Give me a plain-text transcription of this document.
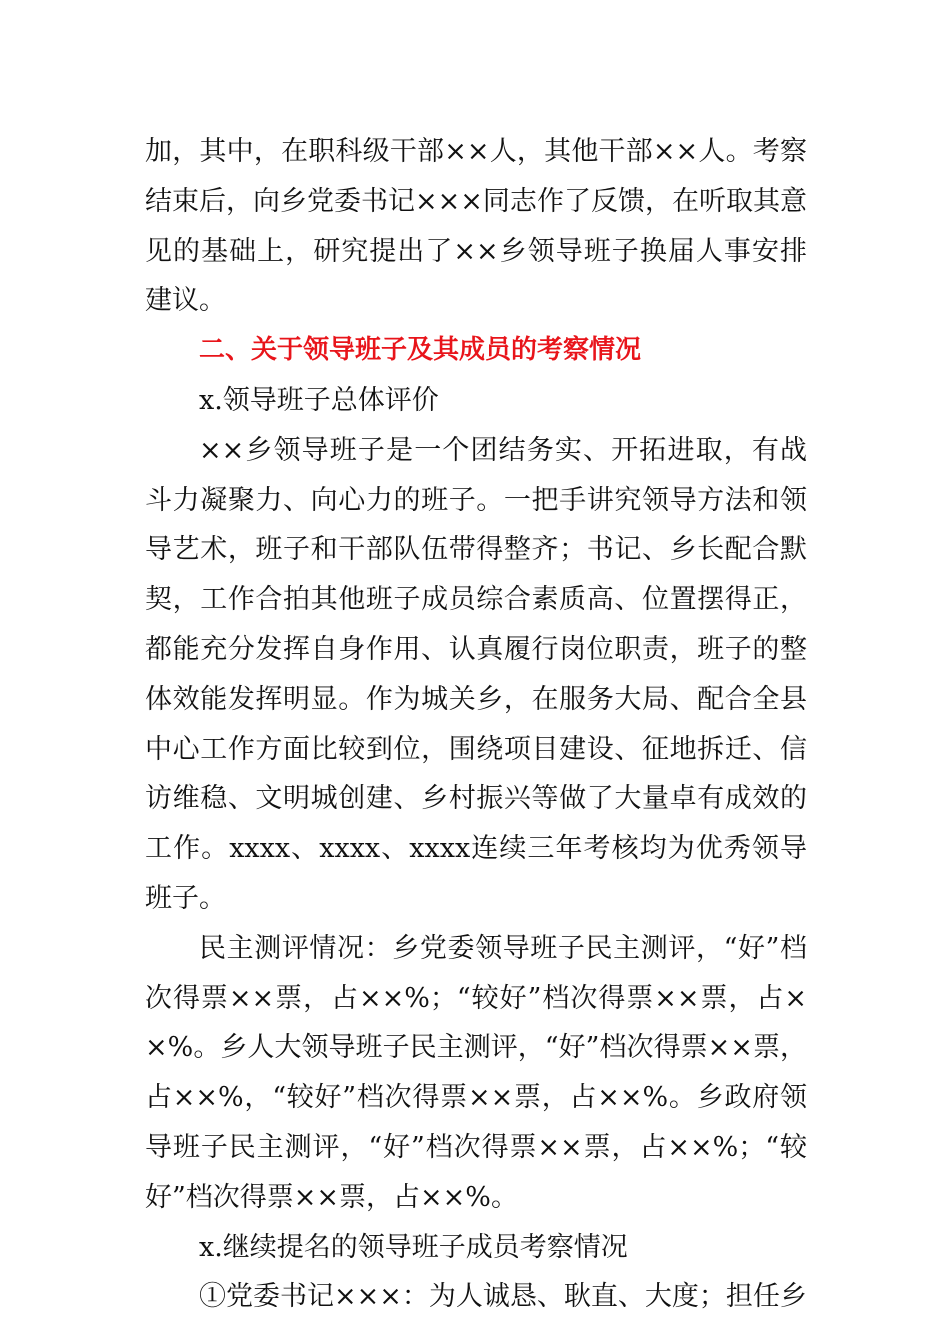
加，其中，在职科级干部××人，其他干部××人。考察结束后，向乡党委书记×××同志作了反馈，在听取其意见的基础上，研究提出了××乡领导班子换届人事安排建议。

二、关于领导班子及其成员的考察情况

x.领导班子总体评价

××乡领导班子是一个团结务实、开拓进取，有战斗力凝聚力、向心力的班子。一把手讲究领导方法和领导艺术，班子和干部队伍带得整齐；书记、乡长配合默契，工作合拍其他班子成员综合素质高、位置摆得正，都能充分发挥自身作用、认真履行岗位职责，班子的整体效能发挥明显。作为城关乡，在服务大局、配合全县中心工作方面比较到位，围绕项目建设、征地拆迁、信访维稳、文明城创建、乡村振兴等做了大量卓有成效的工作。xxxx、xxxx、xxxx连续三年考核均为优秀领导班子。

民主测评情况：乡党委领导班子民主测评，“好”档次得票××票，占××%；“较好”档次得票××票，占××%。乡人大领导班子民主测评，“好”档次得票××票，占××%，“较好”档次得票××票，占××%。乡政府领导班子民主测评，“好”档次得票××票，占××%；“较好”档次得票××票，占××%。

x.继续提名的领导班子成员考察情况

①党委书记×××：为人诚恳、耿直、大度；担任乡
